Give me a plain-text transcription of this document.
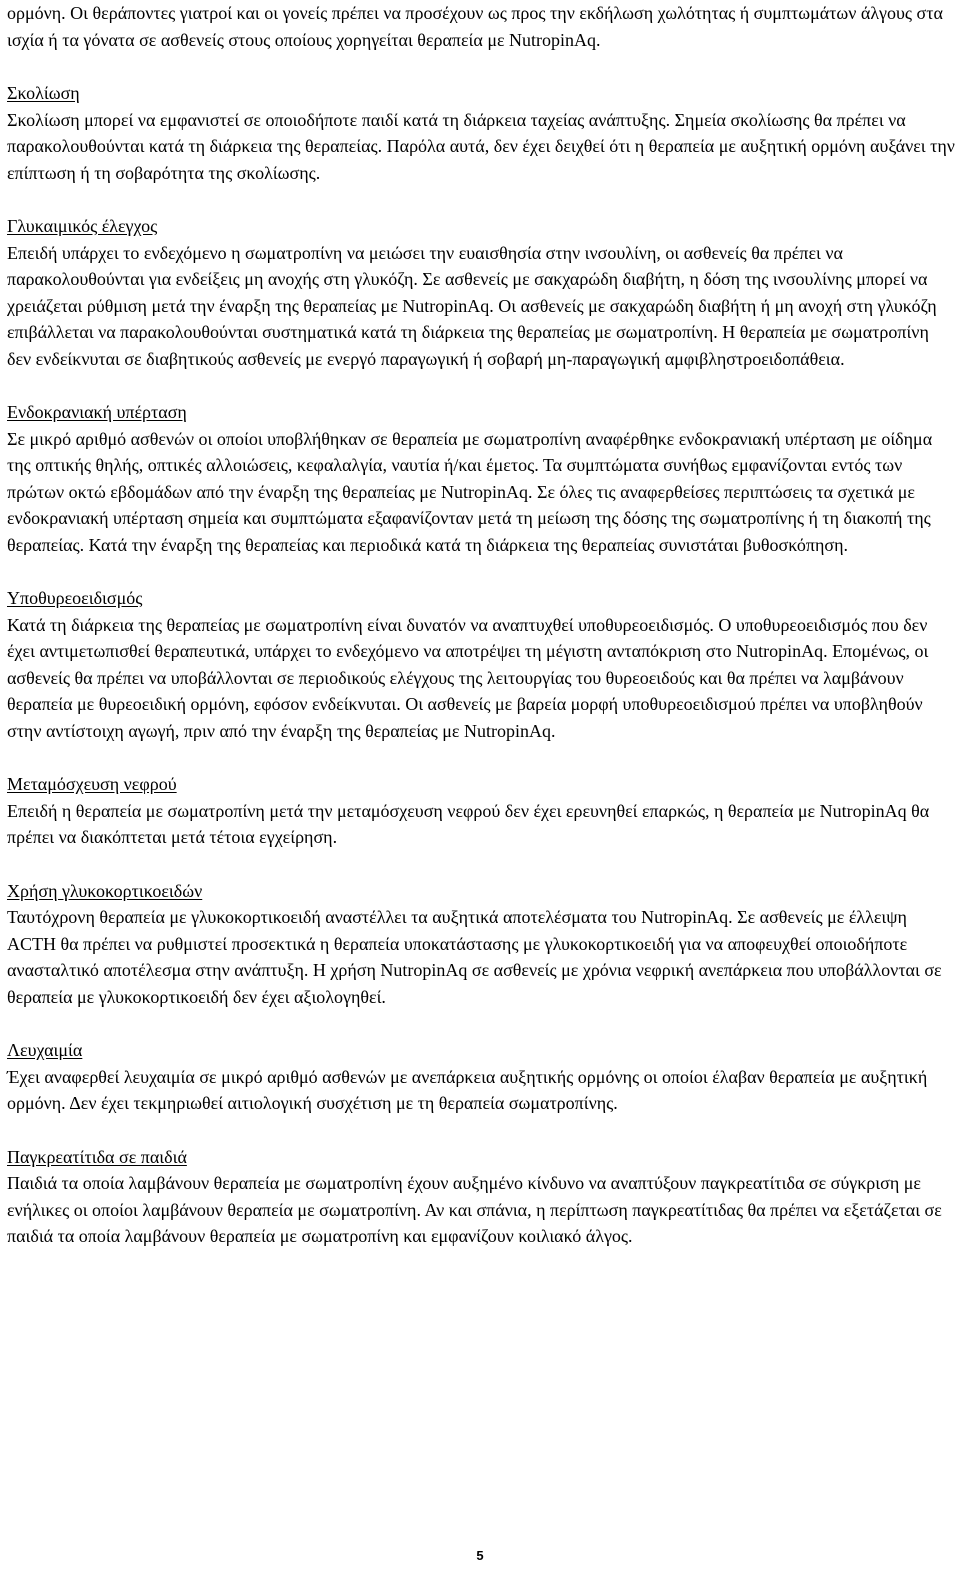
ορμόνη. Οι θεράποντες γιατροί και οι γονείς πρέπει να προσέχουν ως προς την εκδήλωση χωλότητας ή συμπτωμάτων άλγους στα ισχία ή τα γόνατα σε ασθενείς στους οποίους χορηγείται θεραπεία με NutropinAq.

Σκολίωση

Σκολίωση μπορεί να εμφανιστεί σε οποιοδήποτε παιδί κατά τη διάρκεια ταχείας ανάπτυξης. Σημεία σκολίωσης θα πρέπει να παρακολουθούνται κατά τη διάρκεια της θεραπείας. Παρόλα αυτά, δεν έχει δειχθεί ότι η θεραπεία με αυξητική ορμόνη αυξάνει την επίπτωση ή τη σοβαρότητα της σκολίωσης.

Γλυκαιμικός έλεγχος

Επειδή υπάρχει το ενδεχόμενο η σωματροπίνη να μειώσει την ευαισθησία στην ινσουλίνη, οι ασθενείς θα πρέπει να παρακολουθούνται για ενδείξεις μη ανοχής στη γλυκόζη. Σε ασθενείς με σακχαρώδη διαβήτη, η δόση της ινσουλίνης μπορεί να χρειάζεται ρύθμιση μετά την έναρξη της θεραπείας με NutropinAq. Οι ασθενείς με σακχαρώδη διαβήτη ή μη ανοχή στη γλυκόζη επιβάλλεται να παρακολουθούνται συστηματικά κατά τη διάρκεια της θεραπείας με σωματροπίνη. Η θεραπεία με σωματροπίνη δεν ενδείκνυται σε διαβητικούς ασθενείς με ενεργό παραγωγική ή σοβαρή μη-παραγωγική αμφιβληστροειδοπάθεια.

Ενδοκρανιακή υπέρταση

Σε μικρό αριθμό ασθενών οι οποίοι υποβλήθηκαν σε θεραπεία με σωματροπίνη αναφέρθηκε ενδοκρανιακή υπέρταση με οίδημα της οπτικής θηλής, οπτικές αλλοιώσεις, κεφαλαλγία, ναυτία ή/και έμετος. Τα συμπτώματα συνήθως εμφανίζονται εντός των πρώτων οκτώ εβδομάδων από την έναρξη της θεραπείας με NutropinAq. Σε όλες τις αναφερθείσες περιπτώσεις τα σχετικά με ενδοκρανιακή υπέρταση σημεία και συμπτώματα εξαφανίζονταν μετά τη μείωση της δόσης της σωματροπίνης ή τη διακοπή της θεραπείας. Κατά την έναρξη της θεραπείας και περιοδικά κατά τη διάρκεια της θεραπείας συνιστάται βυθοσκόπηση.

Υποθυρεοειδισμός

Κατά τη διάρκεια της θεραπείας με σωματροπίνη είναι δυνατόν να αναπτυχθεί υποθυρεοειδισμός. Ο υποθυρεοειδισμός που δεν έχει αντιμετωπισθεί θεραπευτικά, υπάρχει το ενδεχόμενο να αποτρέψει τη μέγιστη ανταπόκριση στο NutropinAq. Επομένως, οι ασθενείς θα πρέπει να υποβάλλονται σε περιοδικούς ελέγχους της λειτουργίας του θυρεοειδούς και θα πρέπει να λαμβάνουν θεραπεία με θυρεοειδική ορμόνη, εφόσον ενδείκνυται. Οι ασθενείς με βαρεία μορφή υποθυρεοειδισμού πρέπει να υποβληθούν στην αντίστοιχη αγωγή, πριν από την έναρξη της θεραπείας με NutropinAq.

Μεταμόσχευση νεφρού

Επειδή η θεραπεία με σωματροπίνη μετά την μεταμόσχευση νεφρού δεν έχει ερευνηθεί επαρκώς, η θεραπεία με NutropinAq θα πρέπει να διακόπτεται μετά τέτοια εγχείρηση.

Χρήση γλυκοκορτικοειδών

Ταυτόχρονη θεραπεία με γλυκοκορτικοειδή αναστέλλει τα αυξητικά αποτελέσματα του NutropinAq. Σε ασθενείς με έλλειψη ACTH θα πρέπει να ρυθμιστεί προσεκτικά η θεραπεία υποκατάστασης με γλυκοκορτικοειδή για να αποφευχθεί οποιοδήποτε ανασταλτικό αποτέλεσμα στην ανάπτυξη. Η χρήση NutropinAq σε ασθενείς με χρόνια νεφρική ανεπάρκεια που υποβάλλονται σε θεραπεία με γλυκοκορτικοειδή δεν έχει αξιολογηθεί.

Λευχαιμία

Έχει αναφερθεί λευχαιμία σε μικρό αριθμό ασθενών με ανεπάρκεια αυξητικής ορμόνης οι οποίοι έλαβαν θεραπεία με αυξητική ορμόνη. Δεν έχει τεκμηριωθεί αιτιολογική συσχέτιση με τη θεραπεία σωματροπίνης.

Παγκρεατίτιδα σε παιδιά

Παιδιά τα οποία λαμβάνουν θεραπεία με σωματροπίνη έχουν αυξημένο κίνδυνο να αναπτύξουν παγκρεατίτιδα σε σύγκριση με ενήλικες οι οποίοι λαμβάνουν θεραπεία με σωματροπίνη. Αν και σπάνια, η περίπτωση παγκρεατίτιδας θα πρέπει να εξετάζεται σε παιδιά τα οποία λαμβάνουν θεραπεία με σωματροπίνη και εμφανίζουν κοιλιακό άλγος.

5
